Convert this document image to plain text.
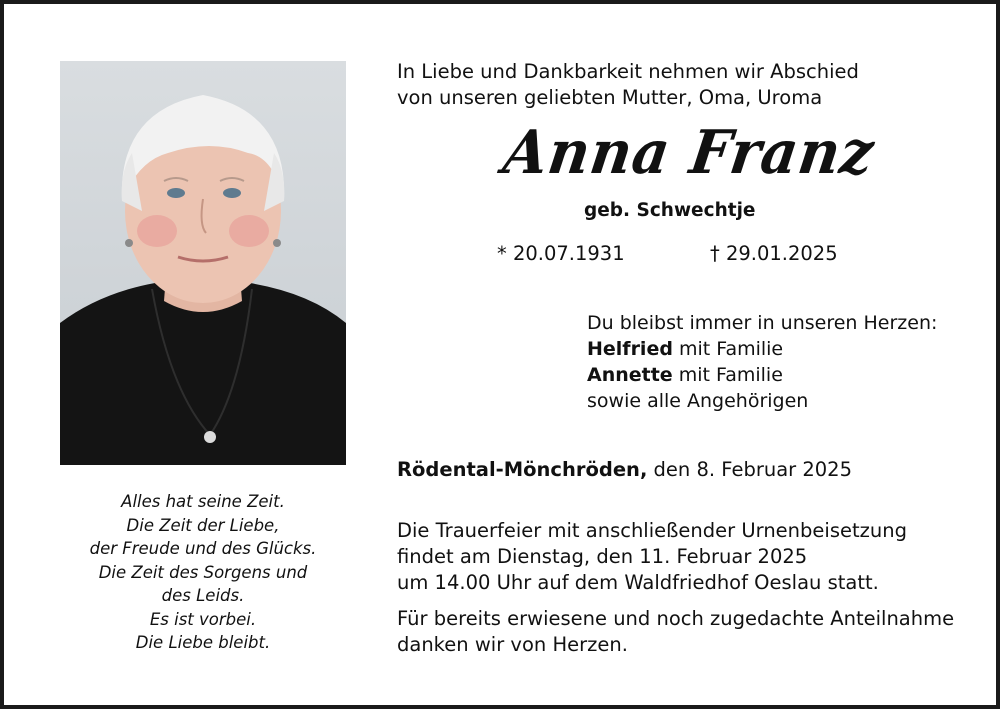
Alles hat seine Zeit.
Die Zeit der Liebe,
der Freude und des Glücks.
Die Zeit des Sorgens und
des Leids.
Es ist vorbei.
Die Liebe bleibt.
In Liebe und Dankbarkeit nehmen wir Abschied
von unseren geliebten Mutter, Oma, Uroma
Anna Franz
geb. Schwechtje
* 20.07.1931	† 29.01.2025
Du bleibst immer in unseren Herzen:
Helfried mit Familie
Annette mit Familie
sowie alle Angehörigen
Rödental-Mönchröden, den 8. Februar 2025
Die Trauerfeier mit anschließender Urnenbeisetzung
findet am Dienstag, den 11. Februar 2025
um 14.00 Uhr auf dem Waldfriedhof Oeslau statt.
Für bereits erwiesene und noch zugedachte Anteilnahme
danken wir von Herzen.
